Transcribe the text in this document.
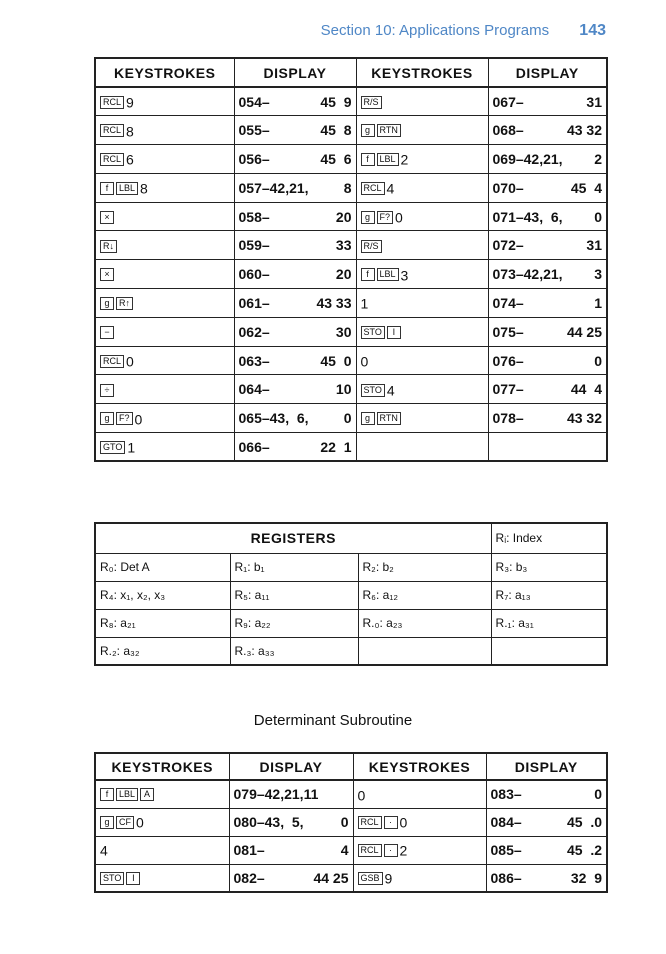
Section 10: Applications Programs 143
KEYSTROKES	DISPLAY	KEYSTROKES	DISPLAY
RCL 9	054– 45  9	R/S	067– 31

RCL 8	055– 45  8	g RTN	068– 43 32

RCL 6	056– 45  6	f LBL 2	069–42,21, 2

f LBL 8	057–42,21, 8	RCL 4	070– 45  4

×	058– 20	g F? 0	071–43,  6, 0

R↓	059– 33	R/S	072– 31

×	060– 20	f LBL 3	073–42,21, 3

g R↑	061– 43 33	1	074– 1

−	062– 30	STO I	075– 44 25

RCL 0	063– 45  0	0	076– 0

÷	064– 10	STO 4	077– 44  4

g F? 0	065–43,  6, 0	g RTN	078– 43 32

GTO 1	066– 22  1		

REGISTERS			Rᵢ: Index
R₀: Det A	R₁: b₁	R₂: b₂	R₃: b₃
R₄: x₁, x₂, x₃	R₅: a₁₁	R₆: a₁₂	R₇: a₁₃
R₈: a₂₁	R₉: a₂₂	R.₀: a₂₃	R.₁: a₃₁
R.₂: a₃₂	R.₃: a₃₃		
Determinant Subroutine
KEYSTROKES	DISPLAY	KEYSTROKES	DISPLAY
f LBL A	079–42,21,11	0	083– 0

g CF 0	080–43,  5, 0	RCL · 0	084– 45  .0

4	081– 4	RCL · 2	085– 45  .2

STO I	082– 44 25	GSB 9	086– 32  9
